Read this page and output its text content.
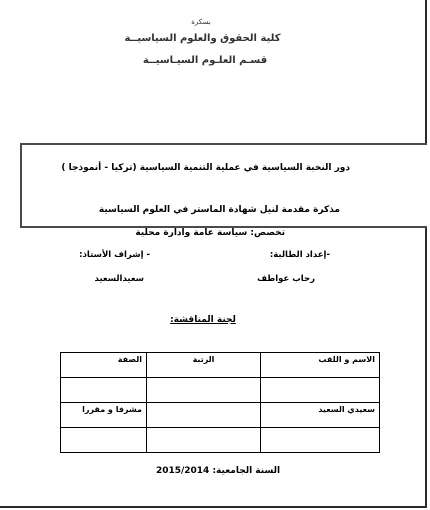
بسكرة
كلية الحقوق والعلوم السياسيــة
قسـم العلـوم السيـاسيــة
دور النخبة السياسية في عملية التنمية السياسية (تركيا - أنموذجا )
مذكرة مقدمة لنيل شهادة الماستر في العلوم السياسية
تخصص: سياسة عامة وادارة محلية
-إعداد الطالبة:
- إشراف الأستاذ:
رحاب عواطف
سعيدالسعيد
لجنة المناقشة:
الاسم و اللقب	الرتبة	الصفة

سعيدي السعيد		مشرفا و مقررا

السنة الجامعية: 2015/2014
